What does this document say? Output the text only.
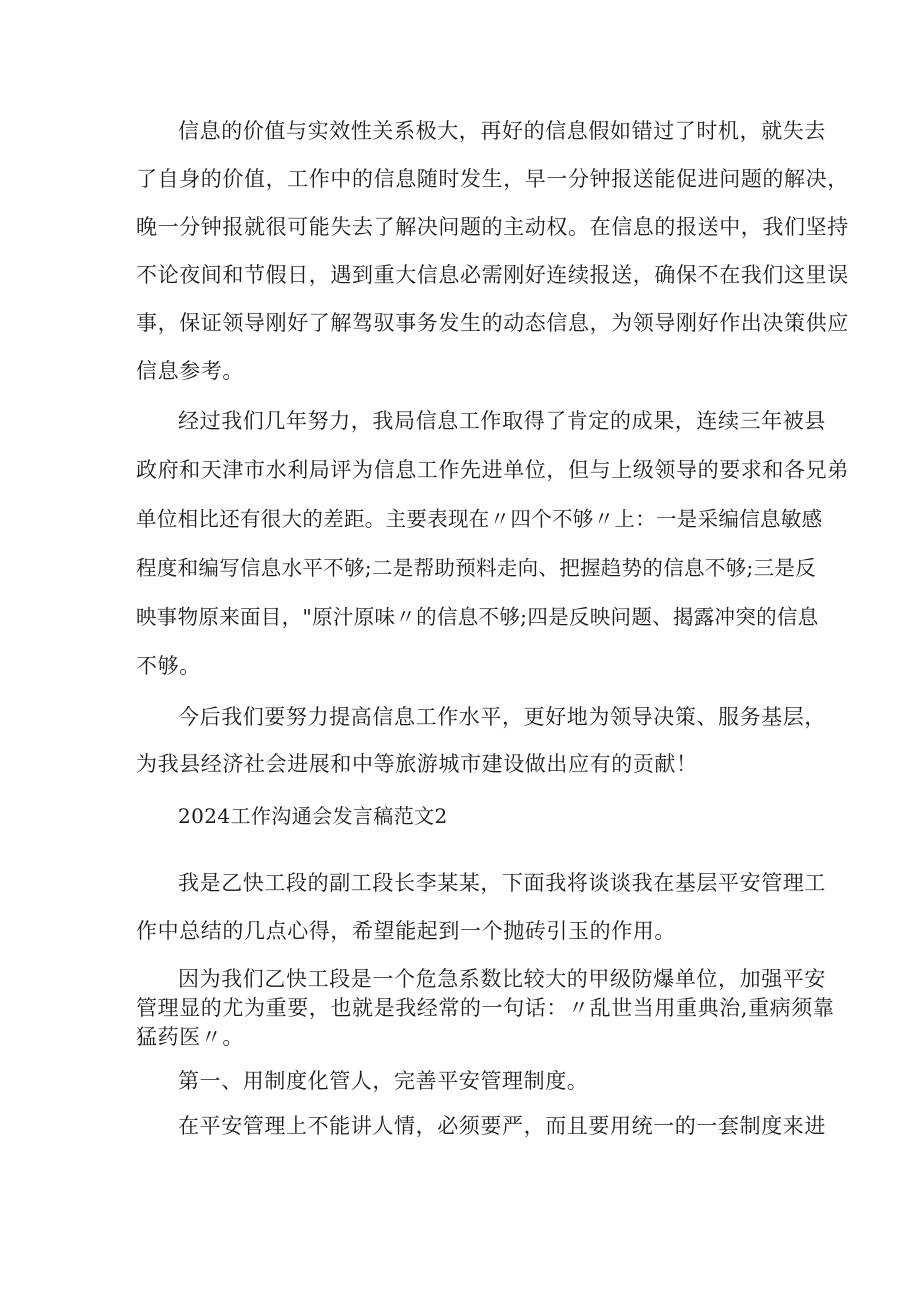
信息的价值与实效性关系极大，再好的信息假如错过了时机，就失去

了自身的价值，工作中的信息随时发生，早一分钟报送能促进问题的解决，

晚一分钟报就很可能失去了解决问题的主动权。在信息的报送中，我们坚持

不论夜间和节假日，遇到重大信息必需刚好连续报送，确保不在我们这里误

事，保证领导刚好了解驾驭事务发生的动态信息，为领导刚好作出决策供应

信息参考。

经过我们几年努力，我局信息工作取得了肯定的成果，连续三年被县

政府和天津市水利局评为信息工作先进单位，但与上级领导的要求和各兄弟

单位相比还有很大的差距。主要表现在〃四个不够〃上：一是采编信息敏感

程度和编写信息水平不够;二是帮助预料走向、把握趋势的信息不够;三是反

映事物原来面目，"原汁原味〃的信息不够;四是反映问题、揭露冲突的信息

不够。

今后我们要努力提高信息工作水平，更好地为领导决策、服务基层，

为我县经济社会进展和中等旅游城市建设做出应有的贡献！

2024工作沟通会发言稿范文2

我是乙快工段的副工段长李某某，下面我将谈谈我在基层平安管理工

作中总结的几点心得，希望能起到一个抛砖引玉的作用。

因为我们乙快工段是一个危急系数比较大的甲级防爆单位，加强平安

管理显的尤为重要，也就是我经常的一句话：〃乱世当用重典治,重病须靠

猛药医〃。

第一、用制度化管人，完善平安管理制度。

在平安管理上不能讲人情，必须要严，而且要用统一的一套制度来进
